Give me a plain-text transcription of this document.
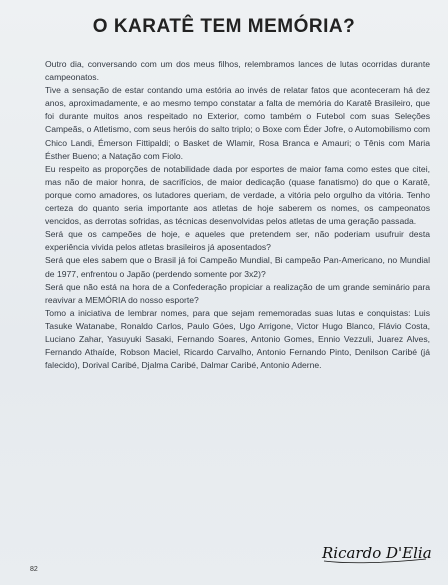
O KARATÊ TEM MEMÓRIA?

Outro dia, conversando com um dos meus filhos, relembramos lances de lutas ocorridas durante campeonatos.

Tive a sensação de estar contando uma estória ao invés de relatar fatos que aconteceram há dez anos, aproximadamente, e ao mesmo tempo constatar a falta de memória do Karatê Brasileiro, que foi durante muitos anos respeitado no Exterior, como também o Futebol com suas Seleções Campeãs, o Atletismo, com seus heróis do salto triplo; o Boxe com Éder Jofre, o Automobilismo com Chico Landi, Émerson Fittipaldi; o Basket de Wlamir, Rosa Branca e Amauri; o Tênis com Maria Ésther Bueno; a Natação com Fiolo.

Eu respeito as proporções de notabilidade dada por esportes de maior fama como estes que citei, mas não de maior honra, de sacrifícios, de maior dedicação (quase fanatismo) do que o Karatê, porque como amadores, os lutadores queriam, de verdade, a vitória pelo orgulho da vitória. Tenho certeza do quanto seria importante aos atletas de hoje saberem os nomes, os campeonatos vencidos, as derrotas sofridas, as técnicas desenvolvidas pelos atletas de uma geração passada.

Será que os campeões de hoje, e aqueles que pretendem ser, não poderiam usufruir desta experiência vivida pelos atletas brasileiros já aposentados?

Será que eles sabem que o Brasil já foi Campeão Mundial, Bi campeão Pan-Americano, no Mundial de 1977, enfrentou o Japão (perdendo somente por 3x2)?

Será que não está na hora de a Confederação propiciar a realização de um grande seminário para reavivar a MEMÓRIA do nosso esporte?

Tomo a iniciativa de lembrar nomes, para que sejam rememoradas suas lutas e conquistas: Luis Tasuke Watanabe, Ronaldo Carlos, Paulo Góes, Ugo Arrigone, Victor Hugo Blanco, Flávio Costa, Luciano Zahar, Yasuyuki Sasaki, Fernando Soares, Antonio Gomes, Ennio Vezzuli, Juarez Alves, Fernando Athaíde, Robson Maciel, Ricardo Carvalho, Antonio Fernando Pinto, Denilson Caribé (já falecido), Dorival Caribé, Djalma Caribé, Dalmar Caribé, Antonio Aderne.

82
Ricardo D'Elia
